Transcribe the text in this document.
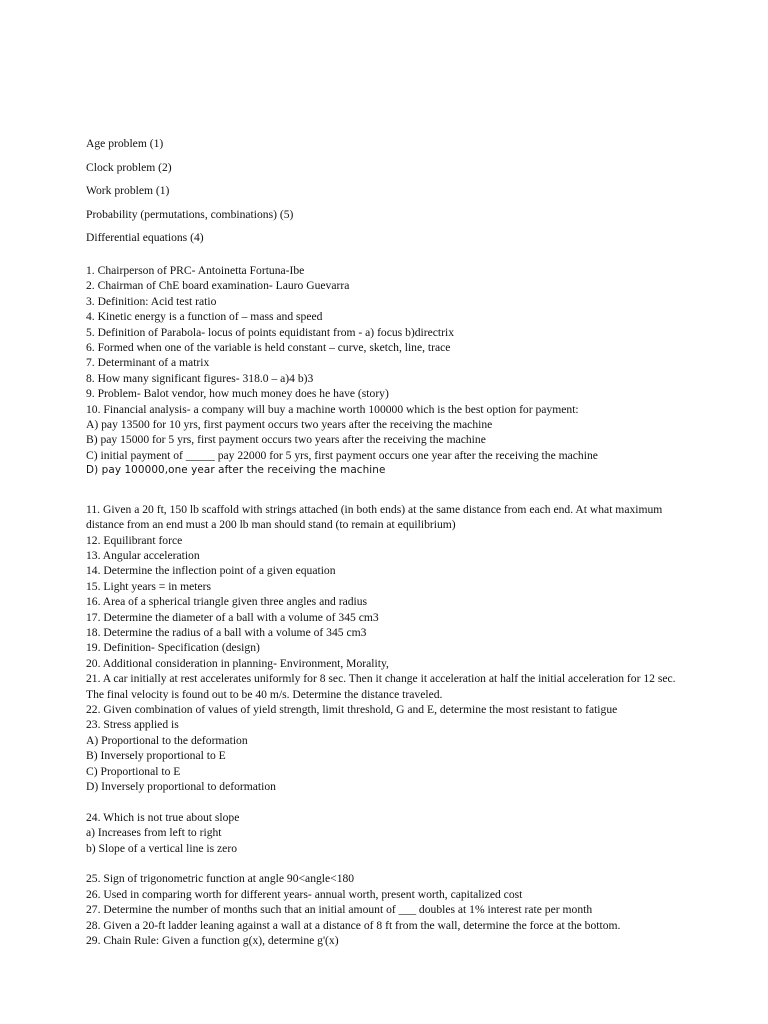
Age problem (1)
Clock problem (2)
Work problem (1)
Probability (permutations, combinations) (5)
Differential equations (4)
1. Chairperson of PRC- Antoinetta Fortuna-Ibe
2. Chairman of ChE board examination- Lauro Guevarra
3. Definition: Acid test ratio
4. Kinetic energy is a function of – mass and speed
5. Definition of Parabola- locus of points equidistant from - a) focus b)directrix
6. Formed when one of the variable is held constant – curve, sketch, line, trace
7. Determinant of a matrix
8. How many significant figures- 318.0 – a)4 b)3
9. Problem- Balot vendor, how much money does he have (story)
10. Financial analysis- a company will buy a machine worth 100000 which is the best option for payment:
A) pay 13500 for 10 yrs, first payment occurs two years after the receiving the machine
B) pay 15000 for 5 yrs, first payment occurs two years after the receiving the machine
C) initial payment of _____ pay 22000 for 5 yrs, first payment occurs one year after the receiving the machine
D) pay 100000,one year after the receiving the machine
11. Given a 20 ft, 150 lb scaffold with strings attached (in both ends) at the same distance from each end. At what maximum distance from an end must a 200 lb man should stand (to remain at equilibrium)
12. Equilibrant force
13. Angular acceleration
14. Determine the inflection point of a given equation
15. Light years = in meters
16. Area of a spherical triangle given three angles and radius
17. Determine the diameter of a ball with a volume of 345 cm3
18. Determine the radius of a ball with a volume of 345 cm3
19. Definition- Specification (design)
20. Additional consideration in planning- Environment, Morality,
21. A car initially at rest accelerates uniformly for 8 sec. Then it change it acceleration at half the initial acceleration for 12 sec. The final velocity is found out to be 40 m/s. Determine the distance traveled.
22. Given combination of values of yield strength, limit threshold, G and E, determine the most resistant to fatigue
23. Stress applied is
A) Proportional to the deformation
B) Inversely proportional to E
C) Proportional to E
D) Inversely proportional to deformation
24. Which is not true about slope
a) Increases from left to right
b) Slope of a vertical line is zero
25. Sign of trigonometric function at angle 90<angle<180
26. Used in comparing worth for different years- annual worth, present worth, capitalized cost
27. Determine the number of months such that an initial amount of ___ doubles at 1% interest rate per month
28. Given a 20-ft ladder leaning against a wall at a distance of 8 ft from the wall, determine the force at the bottom.
29. Chain Rule: Given a function g(x), determine g'(x)
